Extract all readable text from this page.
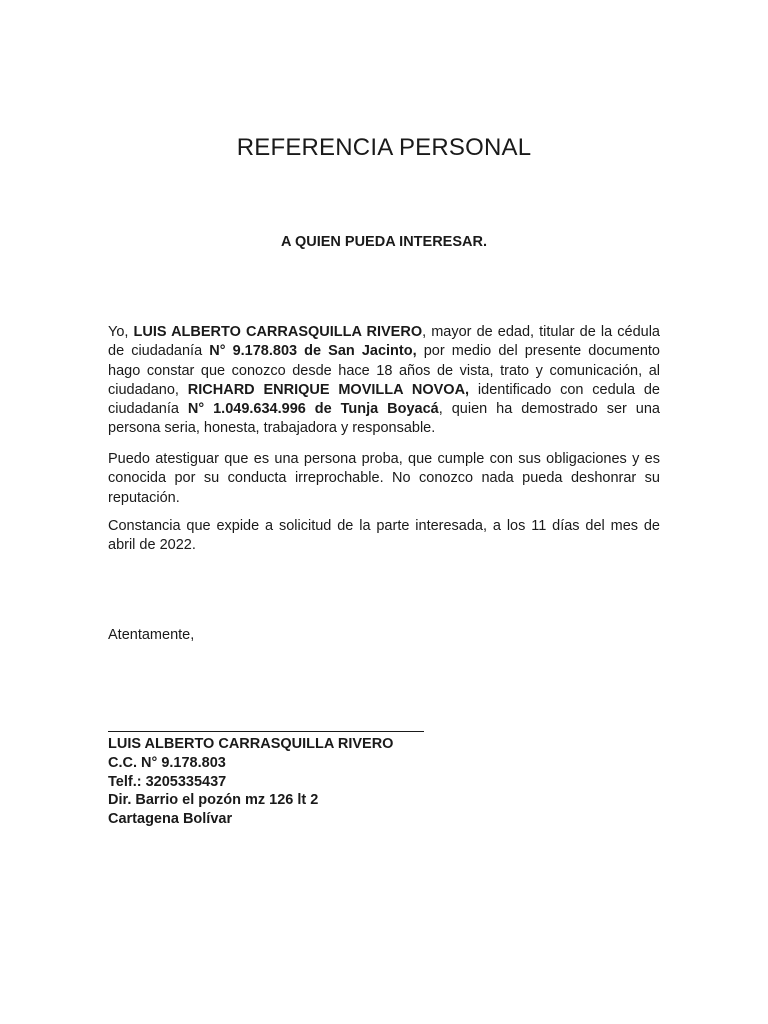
REFERENCIA PERSONAL

A QUIEN PUEDA INTERESAR.

Yo, LUIS ALBERTO CARRASQUILLA RIVERO, mayor de edad, titular de la cédula de ciudadanía N° 9.178.803 de San Jacinto, por medio del presente documento hago constar que conozco desde hace 18 años de vista, trato y comunicación, al ciudadano, RICHARD ENRIQUE MOVILLA NOVOA, identificado con cedula de ciudadanía N° 1.049.634.996 de Tunja Boyacá, quien ha demostrado ser una persona seria, honesta, trabajadora y responsable.

Puedo atestiguar que es una persona proba, que cumple con sus obligaciones y es conocida por su conducta irreprochable. No conozco nada pueda deshonrar su reputación.

Constancia que expide a solicitud de la parte interesada, a los 11 días del mes de abril de 2022.

Atentamente,

LUIS ALBERTO CARRASQUILLA RIVERO
C.C. N° 9.178.803
Telf.: 3205335437
Dir. Barrio el pozón mz 126 lt 2
Cartagena Bolívar
